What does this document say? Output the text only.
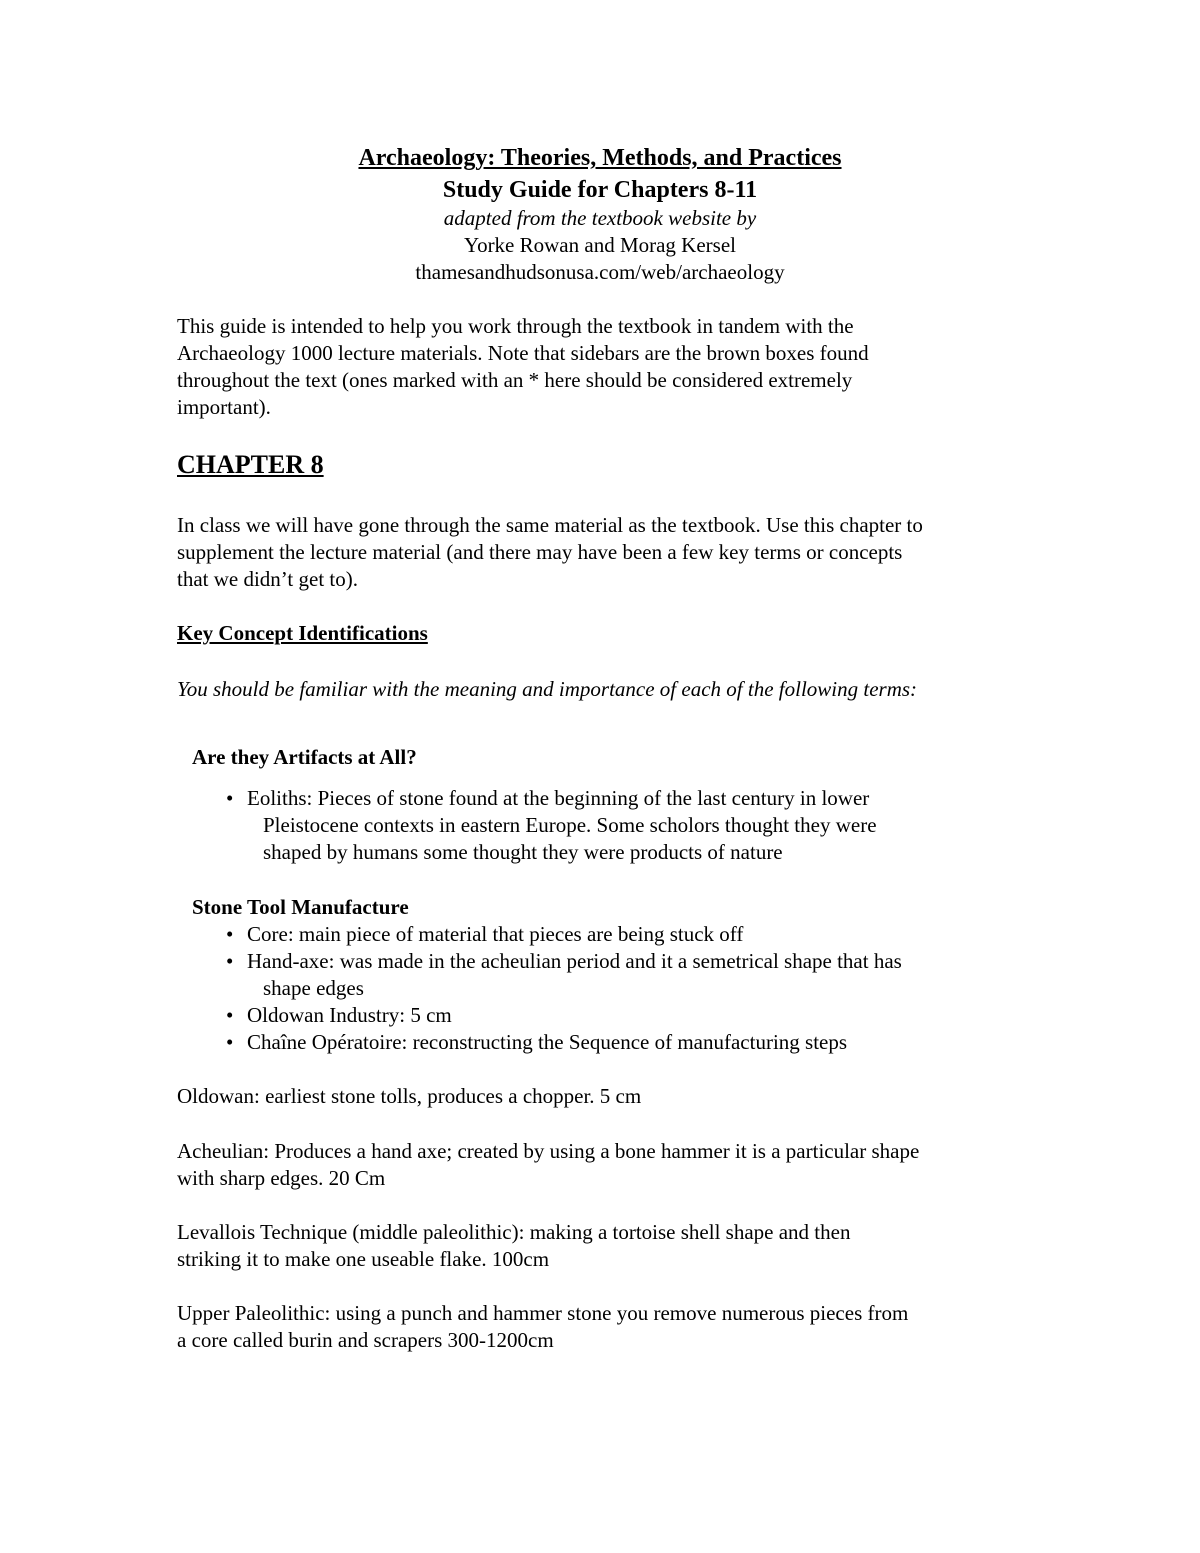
Archaeology: Theories, Methods, and Practices

Study Guide for Chapters 8-11

adapted from the textbook website by

Yorke Rowan and Morag Kersel

thamesandhudsonusa.com/web/archaeology

This guide is intended to help you work through the textbook in tandem with the
Archaeology 1000 lecture materials. Note that sidebars are the brown boxes found
throughout the text (ones marked with an * here should be considered extremely
important).

CHAPTER 8

In class we will have gone through the same material as the textbook. Use this chapter to
supplement the lecture material (and there may have been a few key terms or concepts
that we didn’t get to).

Key Concept Identifications

You should be familiar with the meaning and importance of each of the following terms:

Are they Artifacts at All?

• Eoliths: Pieces of stone found at the beginning of the last century in lower
Pleistocene contexts in eastern Europe. Some scholors thought they were
shaped by humans some thought they were products of nature

Stone Tool Manufacture

• Core: main piece of material that pieces are being stuck off
• Hand-axe: was made in the acheulian period and it a semetrical shape that has
shape edges
• Oldowan Industry: 5 cm
• Chaîne Opératoire: reconstructing the Sequence of manufacturing steps

Oldowan: earliest stone tolls, produces a chopper. 5 cm

Acheulian: Produces a hand axe; created by using a bone hammer it is a particular shape
with sharp edges. 20 Cm

Levallois Technique (middle paleolithic): making a tortoise shell shape and then
striking it to make one useable flake. 100cm

Upper Paleolithic: using a punch and hammer stone you remove numerous pieces from
a core called burin and scrapers 300-1200cm
